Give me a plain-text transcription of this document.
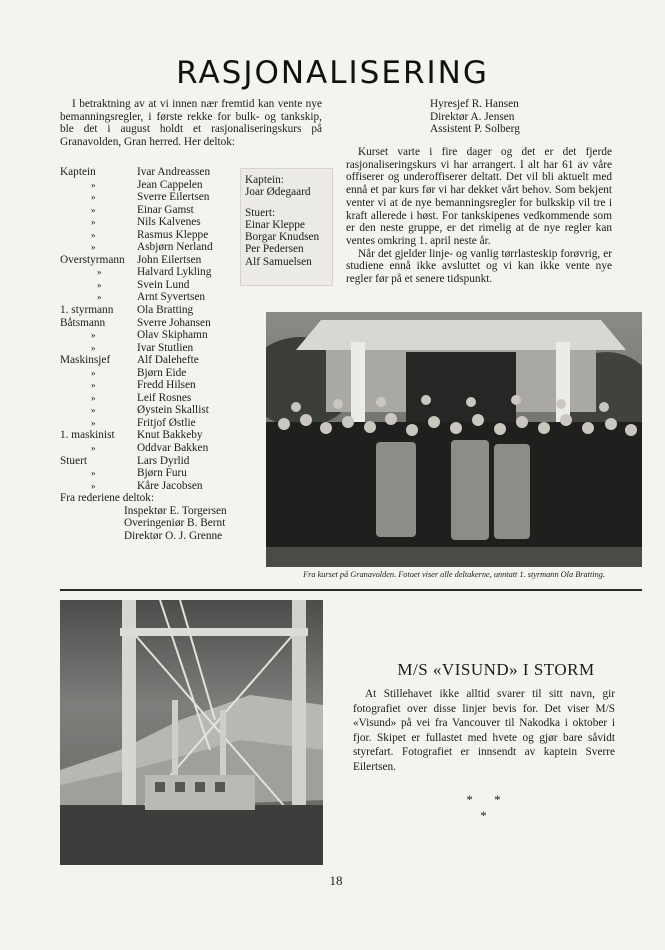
RASJONALISERING
I betraktning av at vi innen nær fremtid kan vente nye bemanningsregler, i første rekke for bulk- og tankskip, ble det i august holdt et rasjonaliseringskurs på Granavolden, Gran herred. Her deltok:
Kaptein	Ivar Andreassen
»	Jean Cappelen
»	Sverre Eilertsen
»	Einar Gamst
»	Nils Kalvenes
»	Rasmus Kleppe
»	Asbjørn Nerland
Overstyrmann	John Eilertsen
»	Halvard Lykling
»	Svein Lund
»	Arnt Syvertsen
1. styrmann	Ola Bratting
Båtsmann	Sverre Johansen
»	Olav Skiphamn
»	Ivar Stutlien
Maskinsjef	Alf Dalehefte
»	Bjørn Eide
»	Fredd Hilsen
»	Leif Rosnes
»	Øystein Skallist
»	Fritjof Østlie
1. maskinist	Knut Bakkeby
»	Oddvar Bakken
Stuert	Lars Dyrlid
»	Bjørn Furu
»	Kåre Jacobsen
Fra rederiene deltok:
Inspektør E. Torgersen
Overingeniør B. Bernt
Direktør O. J. Grenne
Kaptein:
Joar Ødegaard
Stuert:
Einar Kleppe
Borgar Knudsen
Per Pedersen
Alf Samuelsen
Hyresjef R. Hansen
Direktør A. Jensen
Assistent P. Solberg

Kurset varte i fire dager og det er det fjerde rasjonaliseringskurs vi har arrangert. I alt har 61 av våre offiserer og underoffiserer deltatt. Det vil bli aktuelt med ennå et par kurs før vi har dekket vårt behov. Som bekjent venter vi at de nye bemanningsregler for bulkskip vil tre i kraft allerede i høst. For tankskipenes vedkommende som er den neste gruppe, er det rimelig at de nye regler kan ventes omkring 1. april neste år.

Når det gjelder linje- og vanlig tørrlasteskip forøvrig, er studiene ennå ikke avsluttet og vi kan ikke vente nye regler før på et senere tidspunkt.

Fra kurset på Granavolden. Fotoet viser alle deltakerne, unntatt 1. styrmann Ola Bratting.
M/S «VISUND» I STORM
At Stillehavet ikke alltid svarer til sitt navn, gir fotografiet over disse linjer bevis for. Det viser M/S «Visund» på vei fra Vancouver til Nakodka i oktober i fjor. Skipet er fullastet med hvete og gjør bare såvidt styrefart. Fotografiet er innsendt av kaptein Sverre Eilertsen.
* * *
18
